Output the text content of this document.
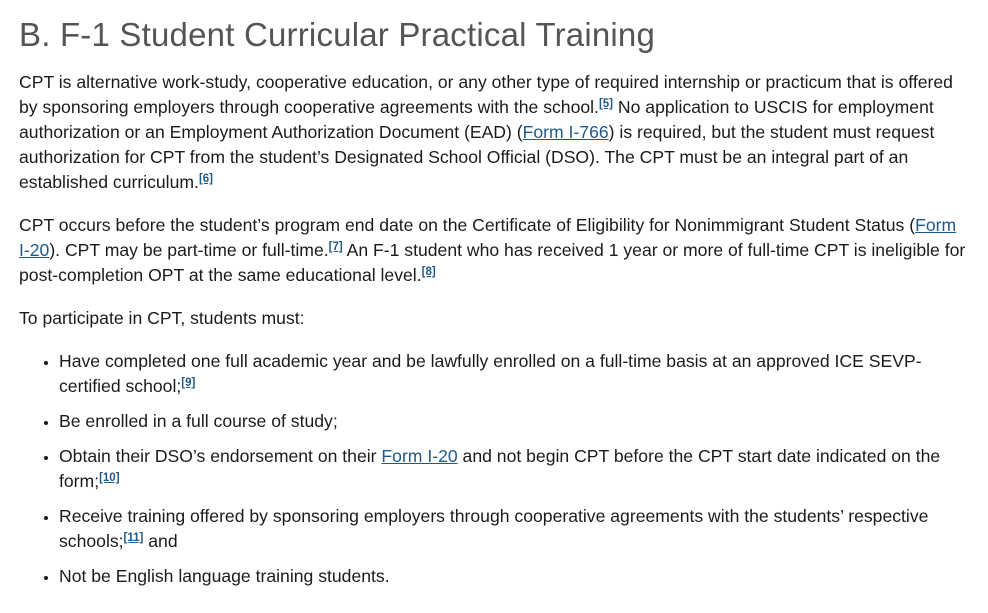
B. F-1 Student Curricular Practical Training

CPT is alternative work-study, cooperative education, or any other type of required internship or practicum that is offered by sponsoring employers through cooperative agreements with the school.[5] No application to USCIS for employment authorization or an Employment Authorization Document (EAD) (Form I-766) is required, but the student must request authorization for CPT from the student’s Designated School Official (DSO). The CPT must be an integral part of an established curriculum.[6]

CPT occurs before the student’s program end date on the Certificate of Eligibility for Nonimmigrant Student Status (Form I-20). CPT may be part-time or full-time.[7] An F-1 student who has received 1 year or more of full-time CPT is ineligible for post-completion OPT at the same educational level.[8]

To participate in CPT, students must:

• Have completed one full academic year and be lawfully enrolled on a full-time basis at an approved ICE SEVP-certified school;[9]
• Be enrolled in a full course of study;
• Obtain their DSO’s endorsement on their Form I-20 and not begin CPT before the CPT start date indicated on the form;[10]
• Receive training offered by sponsoring employers through cooperative agreements with the students’ respective schools;[11] and
• Not be English language training students.
